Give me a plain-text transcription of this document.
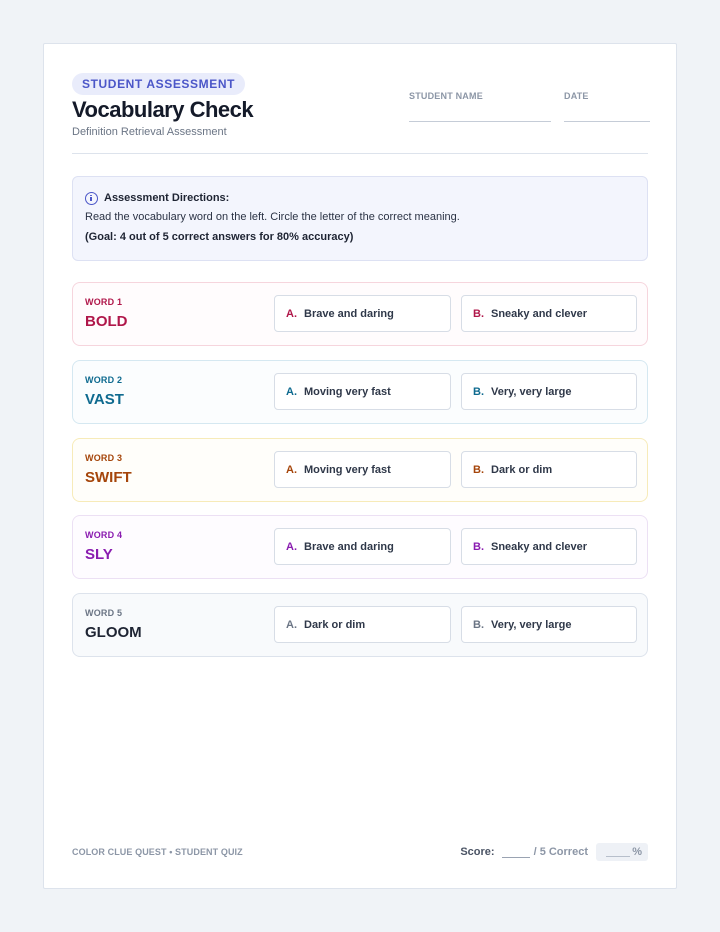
STUDENT ASSESSMENT
Vocabulary Check
Definition Retrieval Assessment
STUDENT NAME	DATE
Assessment Directions:
Read the vocabulary word on the left. Circle the letter of the correct meaning.
(Goal: 4 out of 5 correct answers for 80% accuracy)
WORD 1
BOLD	A. Brave and daring	B. Sneaky and clever
WORD 2
VAST	A. Moving very fast	B. Very, very large
WORD 3
SWIFT	A. Moving very fast	B. Dark or dim
WORD 4
SLY	A. Brave and daring	B. Sneaky and clever
WORD 5
GLOOM	A. Dark or dim	B. Very, very large
COLOR CLUE QUEST • STUDENT QUIZ	Score:	/ 5 Correct	%
